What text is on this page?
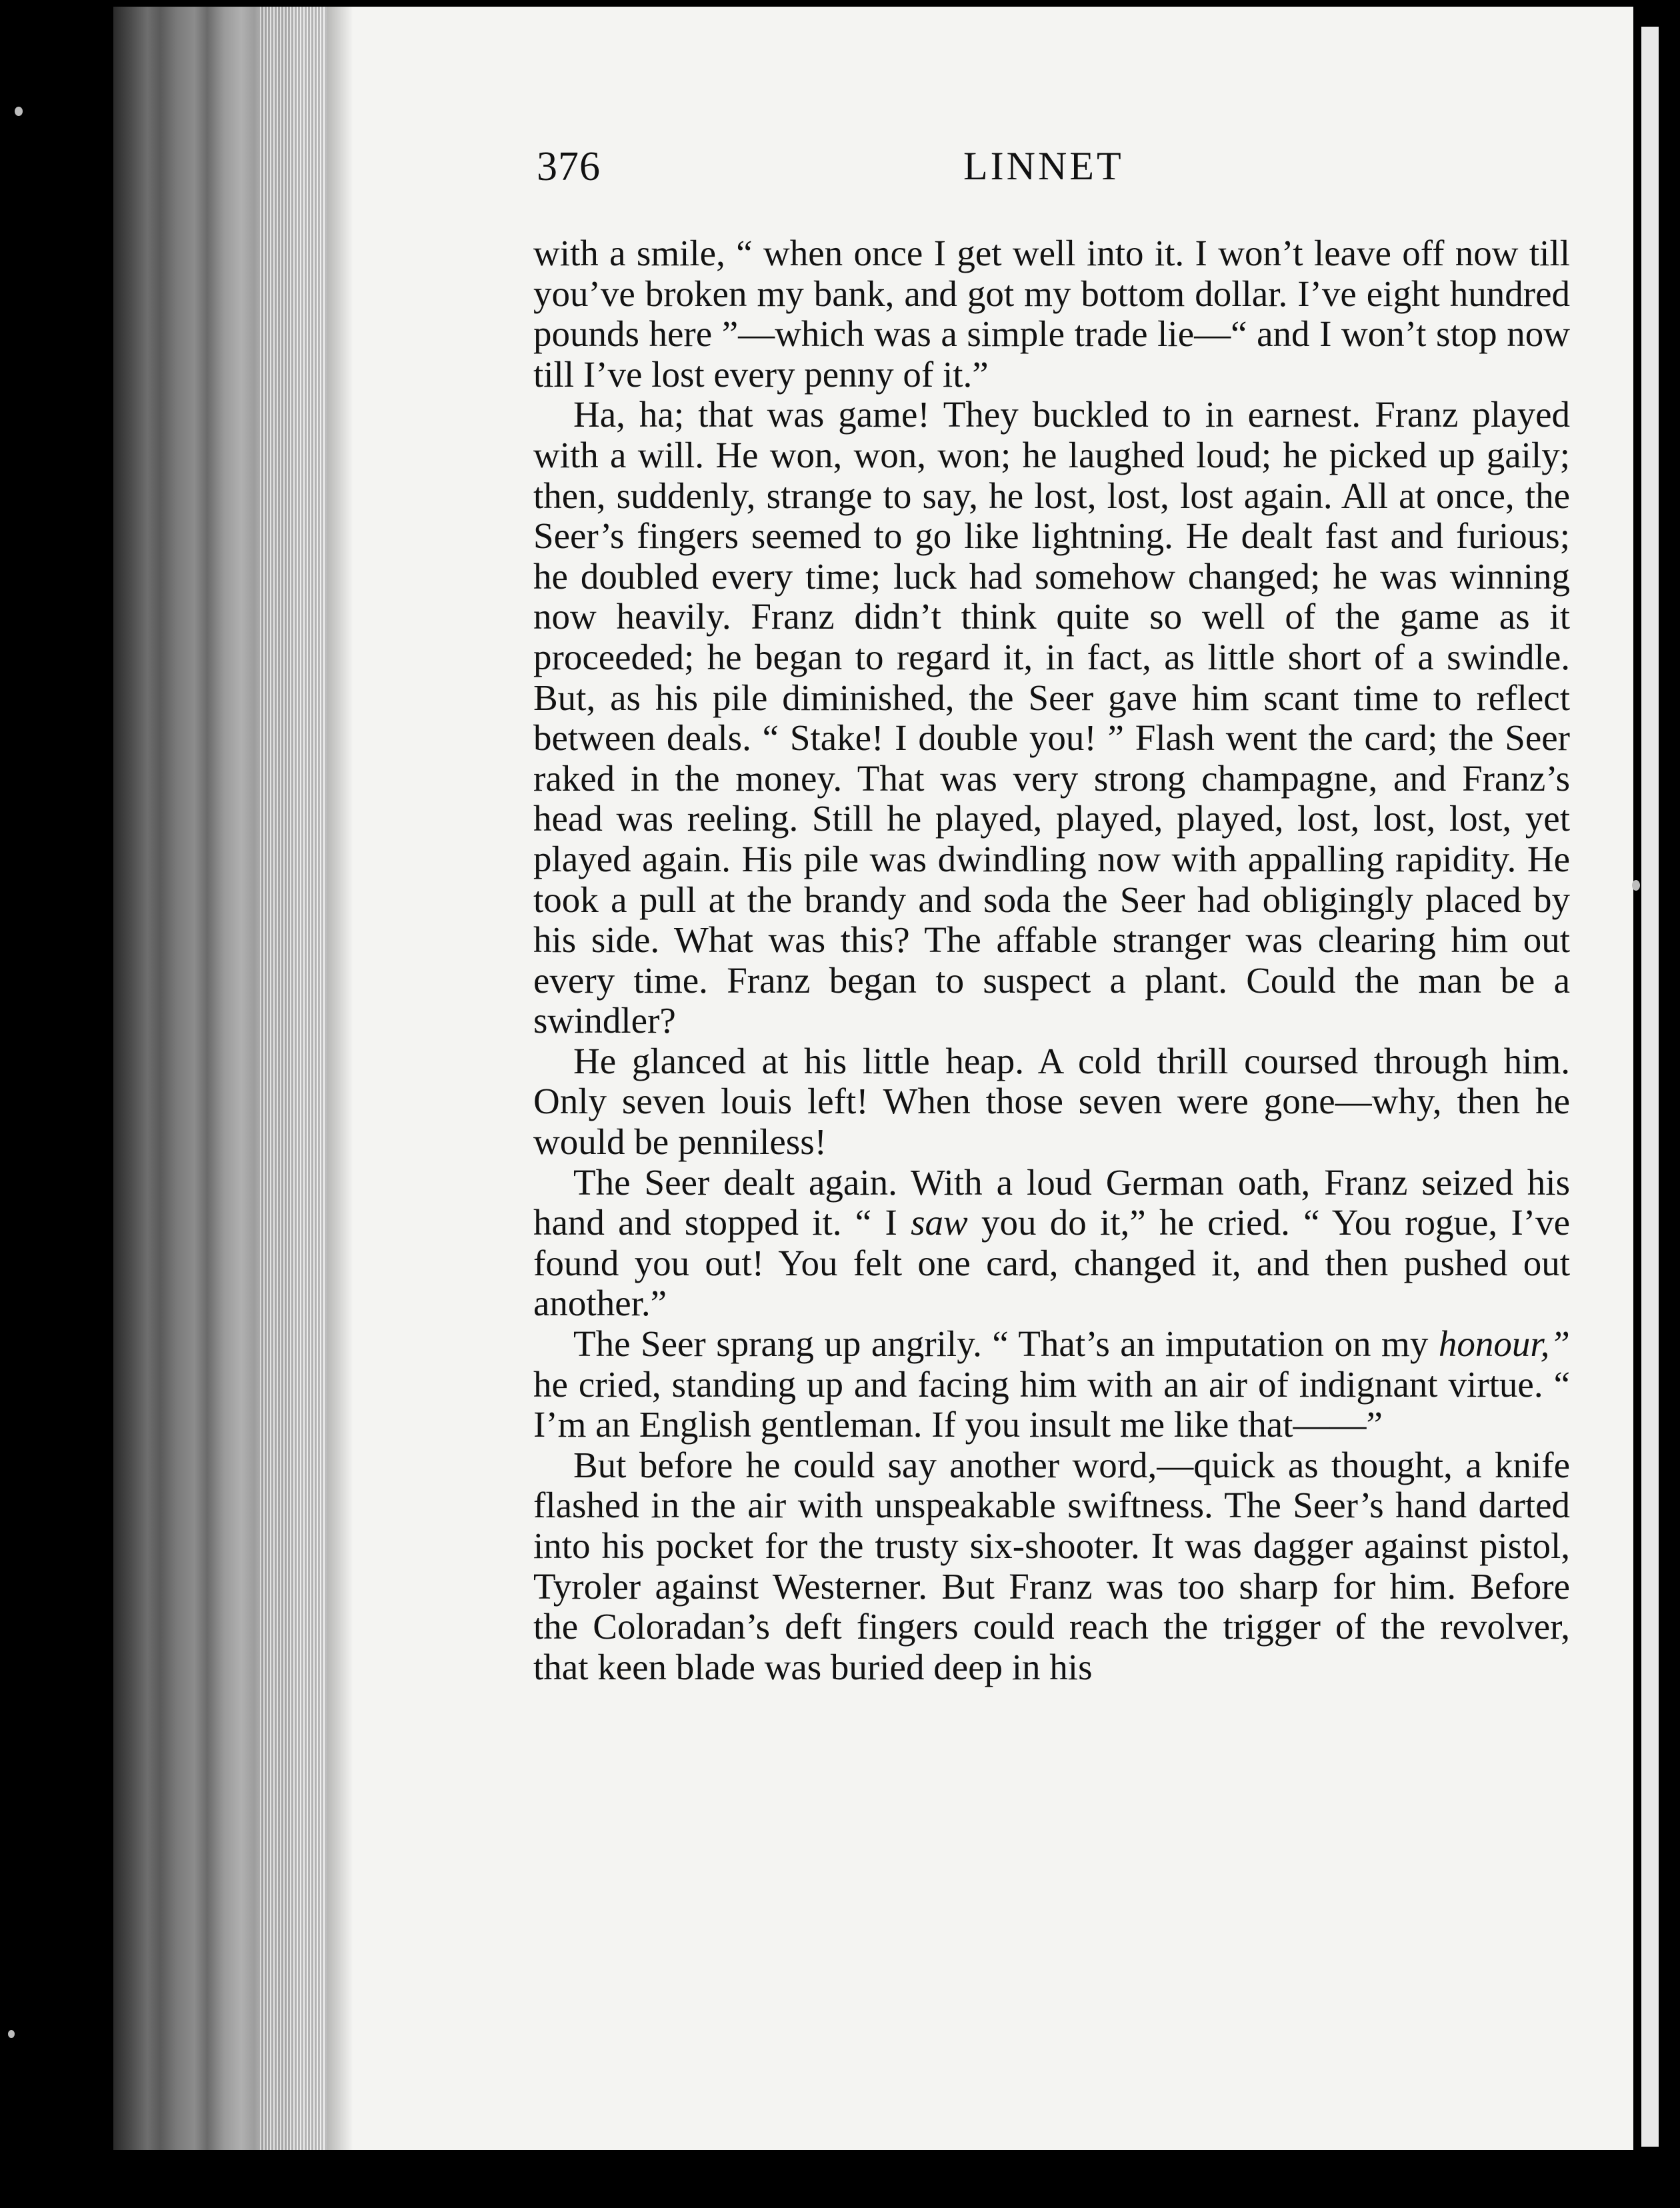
376	LINNET

with a smile, “ when once I get well into it. I won’t leave off now till you’ve broken my bank, and got my bottom dollar. I’ve eight hundred pounds here ”—which was a simple trade lie—“ and I won’t stop now till I’ve lost every penny of it.”

Ha, ha; that was game! They buckled to in earnest. Franz played with a will. He won, won, won; he laughed loud; he picked up gaily; then, suddenly, strange to say, he lost, lost, lost again. All at once, the Seer’s fingers seemed to go like lightning. He dealt fast and furious; he doubled every time; luck had somehow changed; he was winning now heavily. Franz didn’t think quite so well of the game as it proceeded; he began to regard it, in fact, as little short of a swindle. But, as his pile diminished, the Seer gave him scant time to reflect between deals. “ Stake! I double you! ” Flash went the card; the Seer raked in the money. That was very strong champagne, and Franz’s head was reeling. Still he played, played, played, lost, lost, lost, yet played again. His pile was dwindling now with appalling rapidity. He took a pull at the brandy and soda the Seer had obligingly placed by his side. What was this? The affable stranger was clearing him out every time. Franz began to suspect a plant. Could the man be a swindler?

He glanced at his little heap. A cold thrill coursed through him. Only seven louis left! When those seven were gone—why, then he would be penniless!

The Seer dealt again. With a loud German oath, Franz seized his hand and stopped it. “ I saw you do it,” he cried. “ You rogue, I’ve found you out! You felt one card, changed it, and then pushed out another.”

The Seer sprang up angrily. “ That’s an imputation on my honour,” he cried, standing up and facing him with an air of indignant virtue. “ I’m an English gentleman. If you insult me like that——”

But before he could say another word,—quick as thought, a knife flashed in the air with unspeakable swiftness. The Seer’s hand darted into his pocket for the trusty six-shooter. It was dagger against pistol, Tyroler against Westerner. But Franz was too sharp for him. Before the Coloradan’s deft fingers could reach the trigger of the revolver, that keen blade was buried deep in his
